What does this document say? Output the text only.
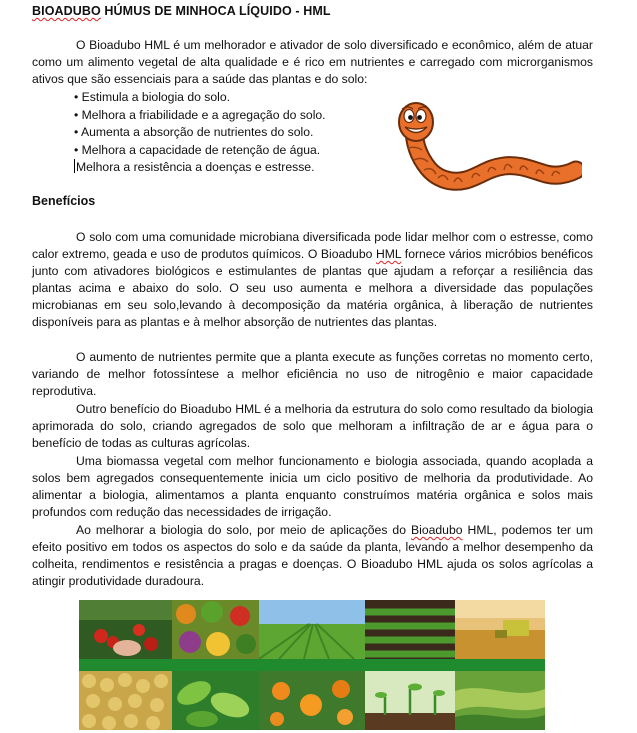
BIOADUBO HÚMUS DE MINHOCA LÍQUIDO - HML

O Bioadubo HML é um melhorador e ativador de solo diversificado e econômico, além de atuar como um alimento vegetal de alta qualidade e é rico em nutrientes e carregado com microrganismos ativos que são essenciais para a saúde das plantas e do solo:

• Estimula a biologia do solo.
• Melhora a friabilidade e a agregação do solo.
• Aumenta a absorção de nutrientes do solo.
• Melhora a capacidade de retenção de água.
Melhora a resistência a doenças e estresse.
Benefícios

O solo com uma comunidade microbiana diversificada pode lidar melhor com o estresse, como calor extremo, geada e uso de produtos químicos. O Bioadubo HML fornece vários micróbios benéficos junto com ativadores biológicos e estimulantes de plantas que ajudam a reforçar a resiliência das plantas acima e abaixo do solo. O seu uso aumenta e melhora a diversidade das populações microbianas em seu solo,levando à decomposição da matéria orgânica, à liberação de nutrientes disponíveis para as plantas e à melhor absorção de nutrientes das plantas.

O aumento de nutrientes permite que a planta execute as funções corretas no momento certo, variando de melhor fotossíntese a melhor eficiência no uso de nitrogênio e maior capacidade reprodutiva.

Outro benefício do Bioadubo HML é a melhoria da estrutura do solo como resultado da biologia aprimorada do solo, criando agregados de solo que melhoram a infiltração de ar e água para o benefício de todas as culturas agrícolas.

Uma biomassa vegetal com melhor funcionamento e biologia associada, quando acoplada a solos bem agregados consequentemente inicia um ciclo positivo de melhoria da produtividade. Ao alimentar a biologia, alimentamos a planta enquanto construímos matéria orgânica e solos mais profundos com redução das necessidades de irrigação.

Ao melhorar a biologia do solo, por meio de aplicações do Bioadubo HML, podemos ter um efeito positivo em todos os aspectos do solo e da saúde da planta, levando a melhor desempenho da colheita, rendimentos e resistência a pragas e doenças. O Bioadubo HML ajuda os solos agrícolas a atingir produtividade duradoura.
